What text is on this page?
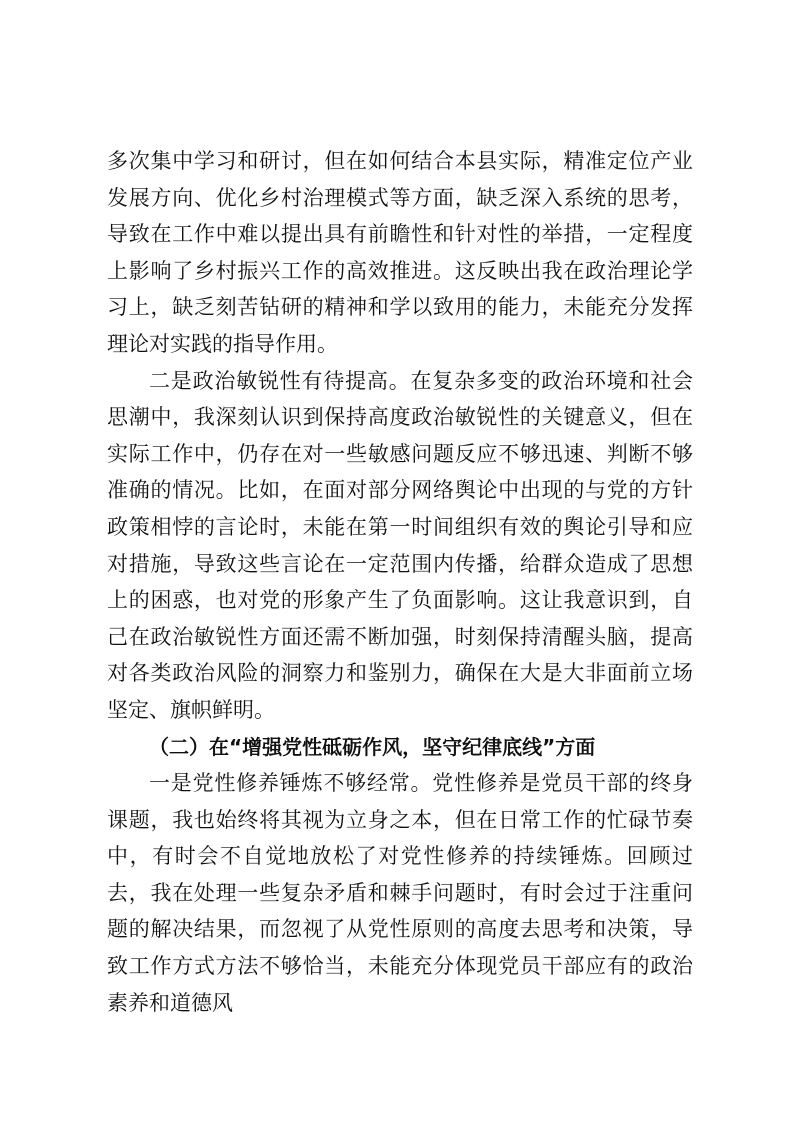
多次集中学习和研讨，但在如何结合本县实际，精准定位产业发展方向、优化乡村治理模式等方面，缺乏深入系统的思考，导致在工作中难以提出具有前瞻性和针对性的举措，一定程度上影响了乡村振兴工作的高效推进。这反映出我在政治理论学习上，缺乏刻苦钻研的精神和学以致用的能力，未能充分发挥理论对实践的指导作用。

二是政治敏锐性有待提高。在复杂多变的政治环境和社会思潮中，我深刻认识到保持高度政治敏锐性的关键意义，但在实际工作中，仍存在对一些敏感问题反应不够迅速、判断不够准确的情况。比如，在面对部分网络舆论中出现的与党的方针政策相悖的言论时，未能在第一时间组织有效的舆论引导和应对措施，导致这些言论在一定范围内传播，给群众造成了思想上的困惑，也对党的形象产生了负面影响。这让我意识到，自己在政治敏锐性方面还需不断加强，时刻保持清醒头脑，提高对各类政治风险的洞察力和鉴别力，确保在大是大非面前立场坚定、旗帜鲜明。

（二）在“增强党性砥砺作风，坚守纪律底线”方面

一是党性修养锤炼不够经常。党性修养是党员干部的终身课题，我也始终将其视为立身之本，但在日常工作的忙碌节奏中，有时会不自觉地放松了对党性修养的持续锤炼。回顾过去，我在处理一些复杂矛盾和棘手问题时，有时会过于注重问题的解决结果，而忽视了从党性原则的高度去思考和决策，导致工作方式方法不够恰当，未能充分体现党员干部应有的政治素养和道德风
